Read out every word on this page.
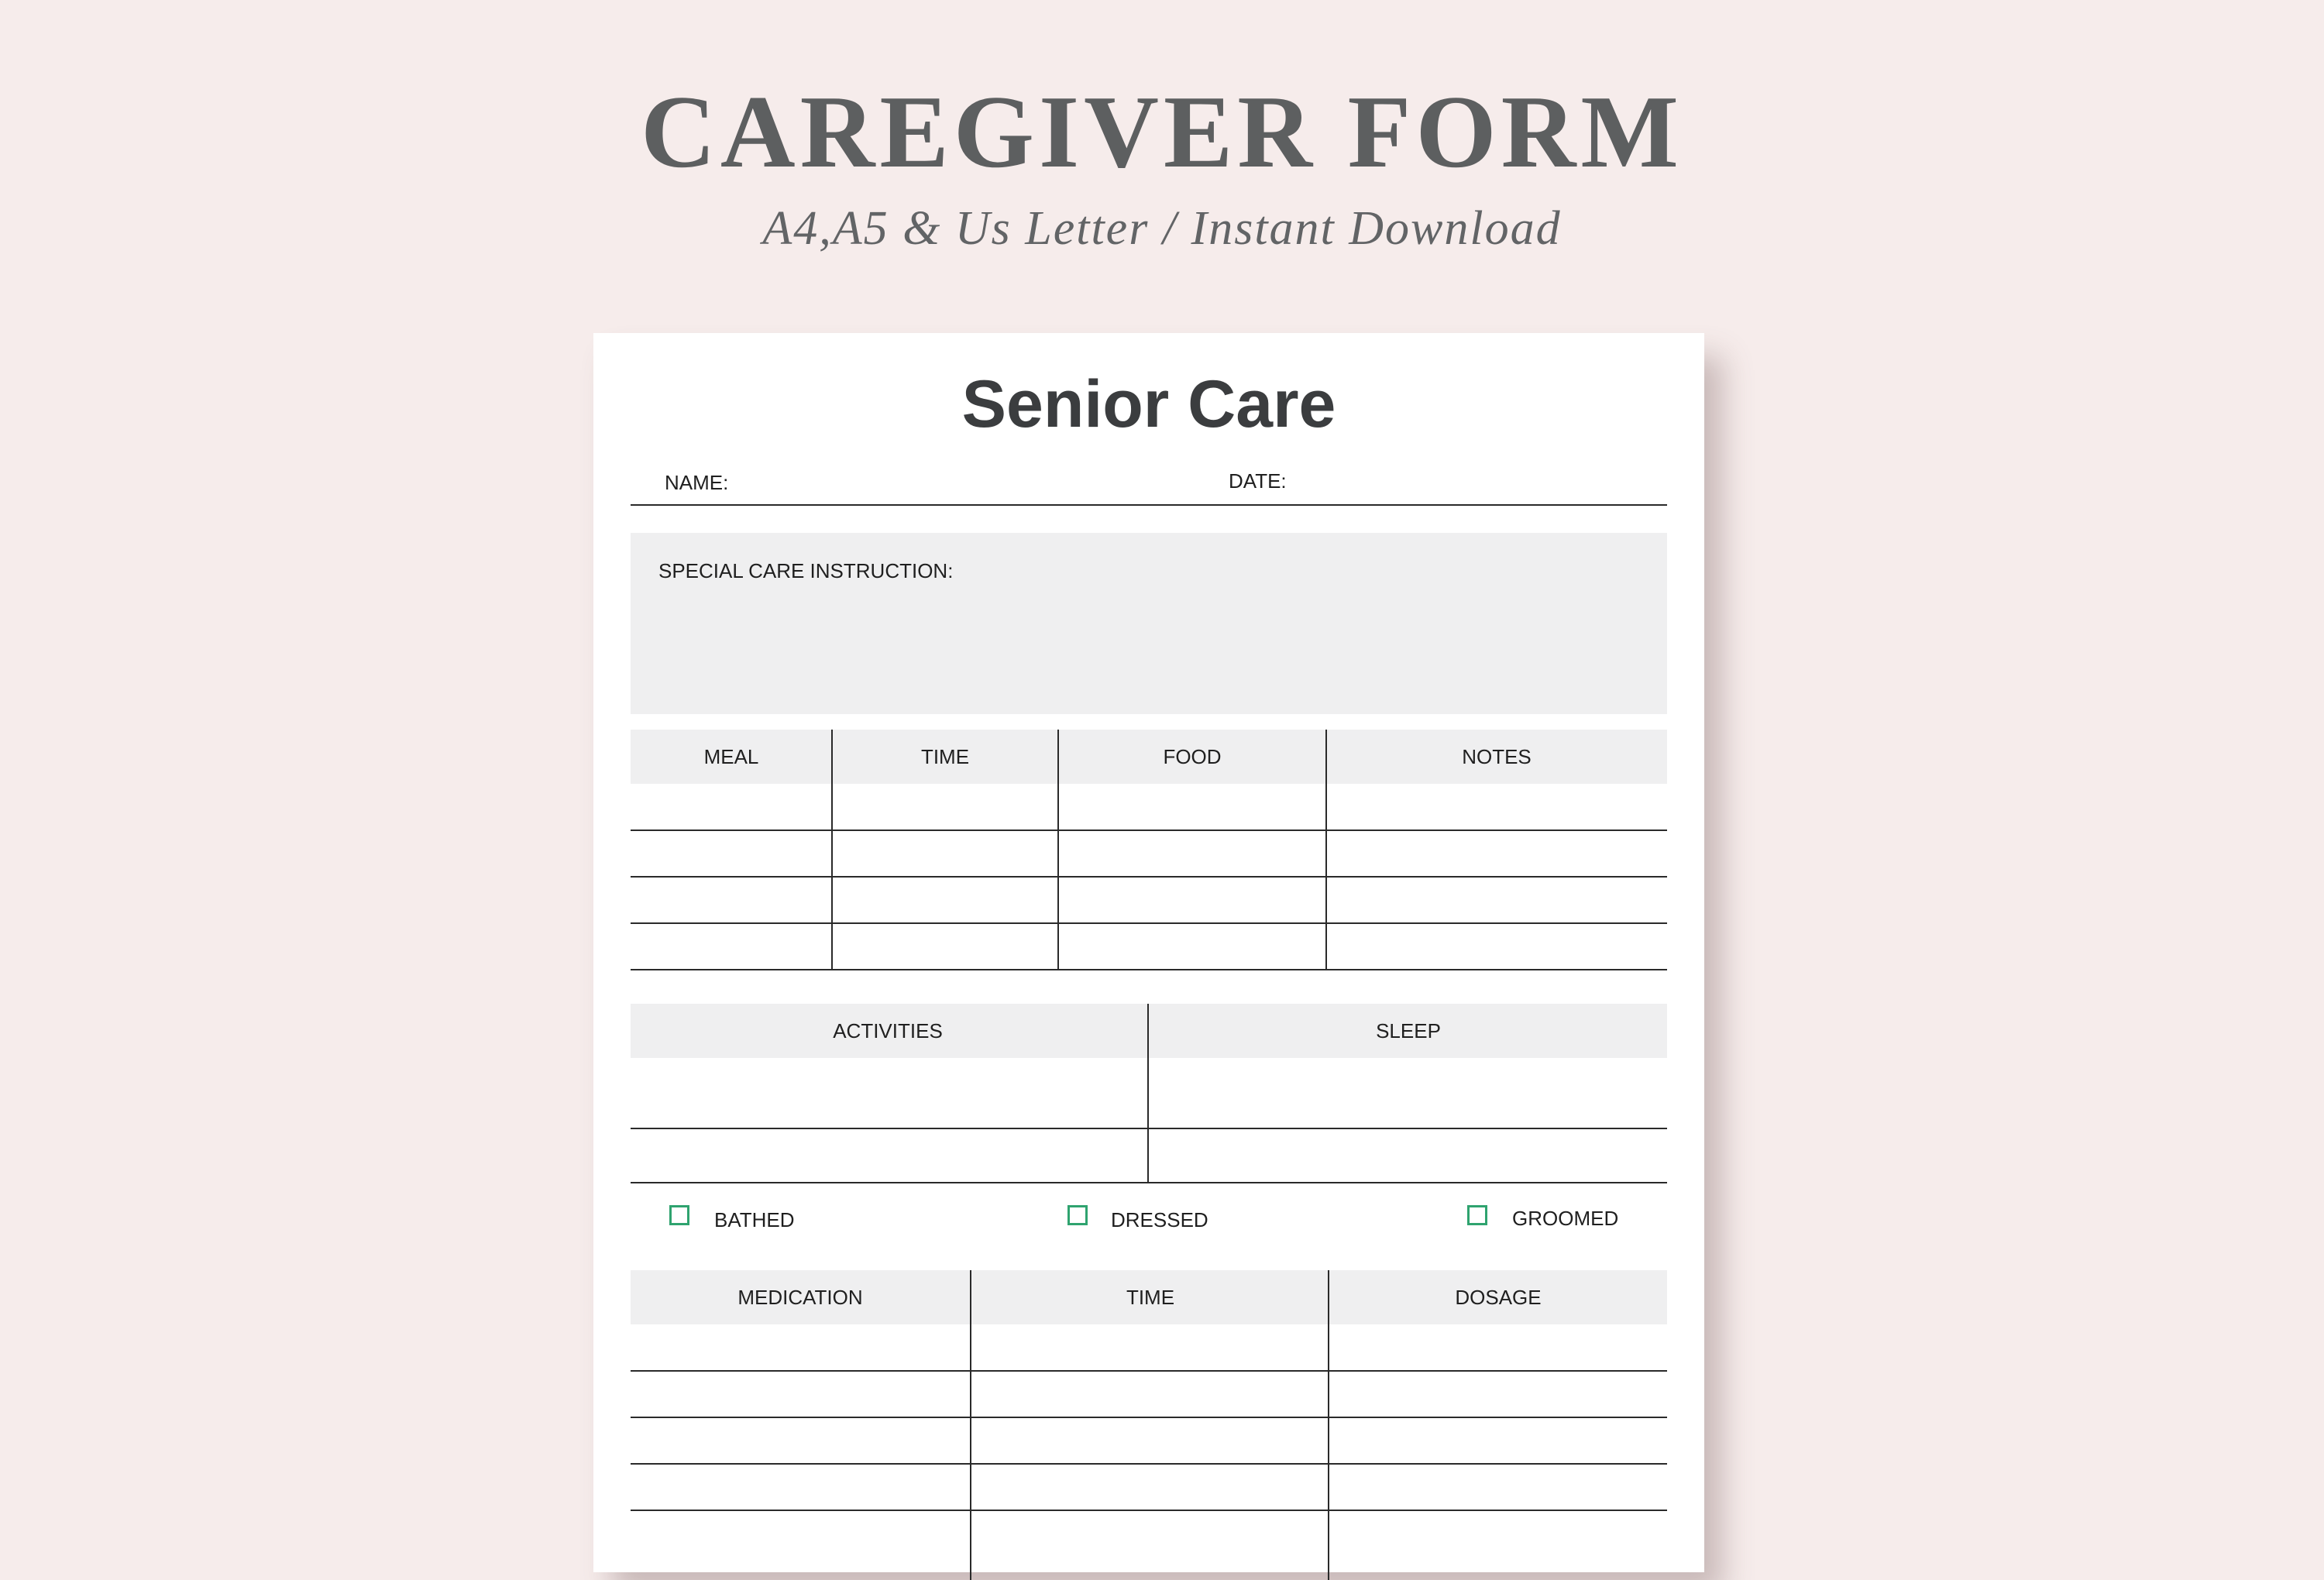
CAREGIVER FORM
A4,A5 & Us Letter / Instant Download
Senior Care
NAME:	DATE:
SPECIAL CARE INSTRUCTION:
MEAL	TIME	FOOD	NOTES
ACTIVITIES	SLEEP
BATHED	DRESSED	GROOMED
MEDICATION	TIME	DOSAGE
